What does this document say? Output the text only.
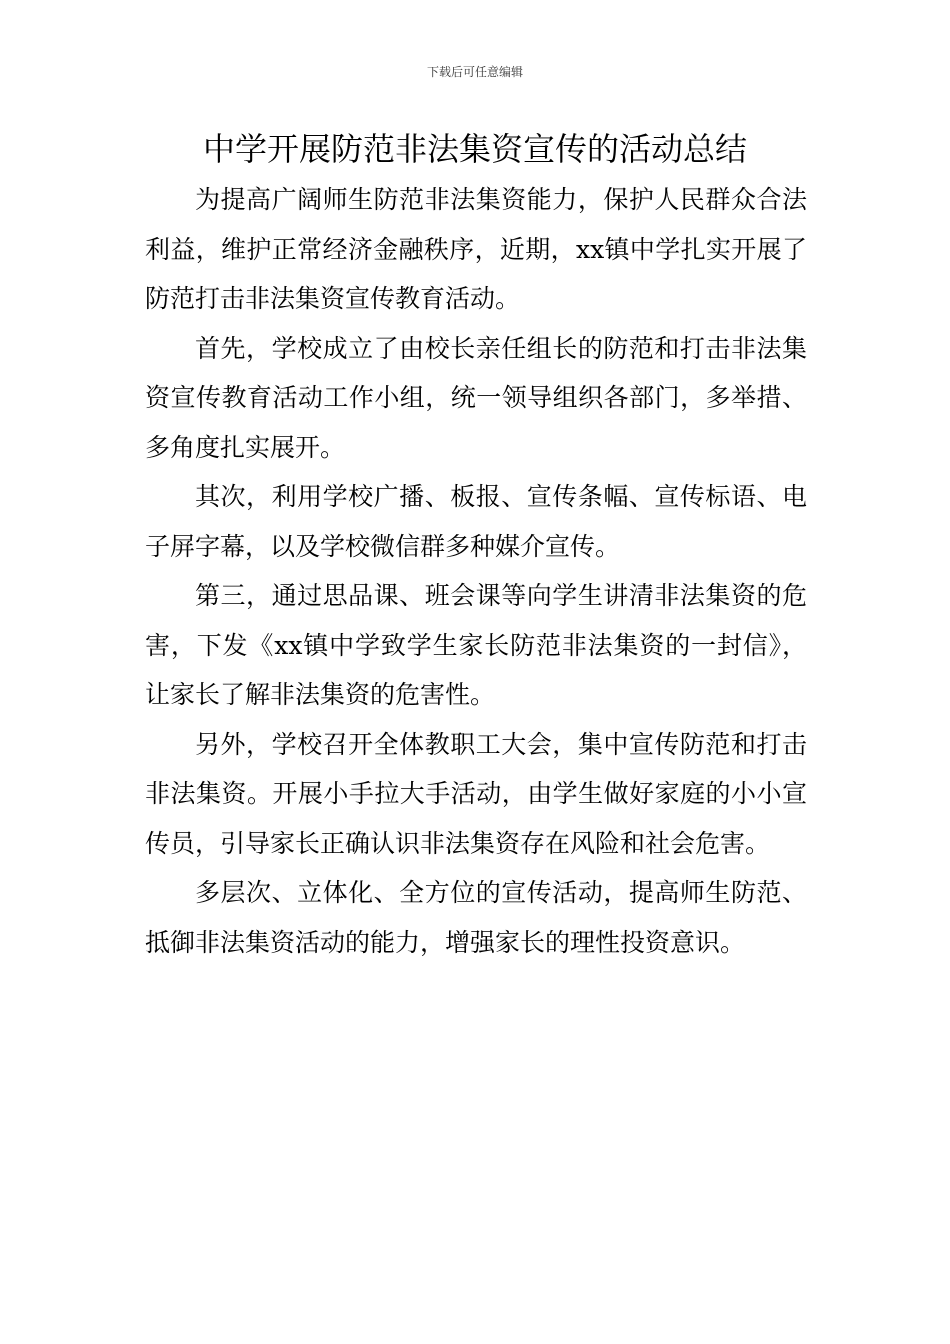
下载后可任意编辑
中学开展防范非法集资宣传的活动总结

为提高广阔师生防范非法集资能力，保护人民群众合法利益，维护正常经济金融秩序，近期，xx镇中学扎实开展了防范打击非法集资宣传教育活动。

首先，学校成立了由校长亲任组长的防范和打击非法集资宣传教育活动工作小组，统一领导组织各部门，多举措、多角度扎实展开。

其次，利用学校广播、板报、宣传条幅、宣传标语、电子屏字幕，以及学校微信群多种媒介宣传。

第三，通过思品课、班会课等向学生讲清非法集资的危害，下发《xx镇中学致学生家长防范非法集资的一封信》，让家长了解非法集资的危害性。

另外，学校召开全体教职工大会，集中宣传防范和打击非法集资。开展小手拉大手活动，由学生做好家庭的小小宣传员，引导家长正确认识非法集资存在风险和社会危害。

多层次、立体化、全方位的宣传活动，提高师生防范、抵御非法集资活动的能力，增强家长的理性投资意识。
